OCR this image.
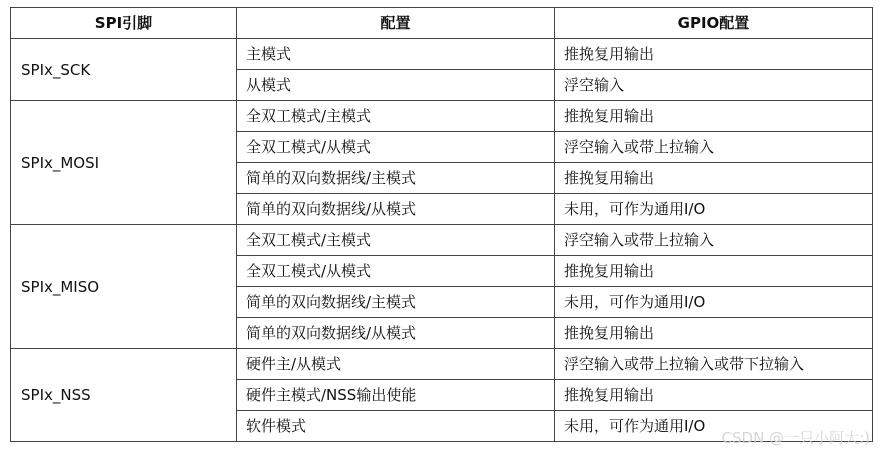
SPI引脚	配置	GPIO配置
SPIx_SCK	主模式	推挽复用输出
	从模式	浮空输入
SPIx_MOSI	全双工模式/主模式	推挽复用输出
	全双工模式/从模式	浮空输入或带上拉输入
	简单的双向数据线/主模式	推挽复用输出
	简单的双向数据线/从模式	未用，可作为通用I/O
SPIx_MISO	全双工模式/主模式	浮空输入或带上拉输入
	全双工模式/从模式	推挽复用输出
	简单的双向数据线/主模式	未用，可作为通用I/O
	简单的双向数据线/从模式	推挽复用输出
SPIx_NSS	硬件主/从模式	浮空输入或带上拉输入或带下拉输入
	硬件主模式/NSS输出使能	推挽复用输出
	软件模式	未用，可作为通用I/O
CSDN @一只小阿大:)
